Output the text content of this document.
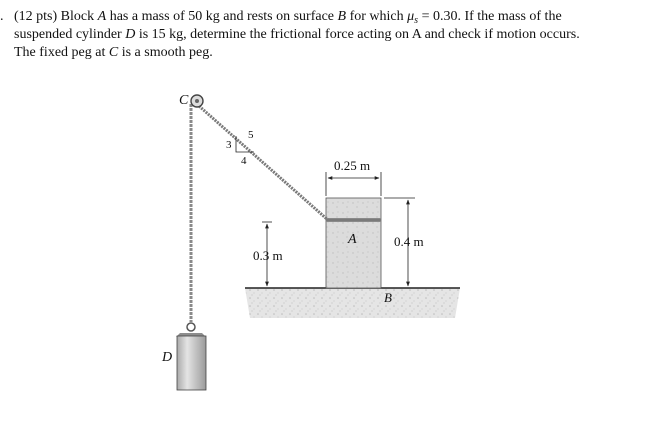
. (12 pts) Block A has a mass of 50 kg and rests on surface B for which $\mu_s = 0.30$. If the mass of the
suspended cylinder D is 15 kg, determine the frictional force acting on A and check if motion occurs.
The fixed peg at C is a smooth peg.
3
4
5
C
0.25 m
0.4 m
A
0.3 m
B
D
